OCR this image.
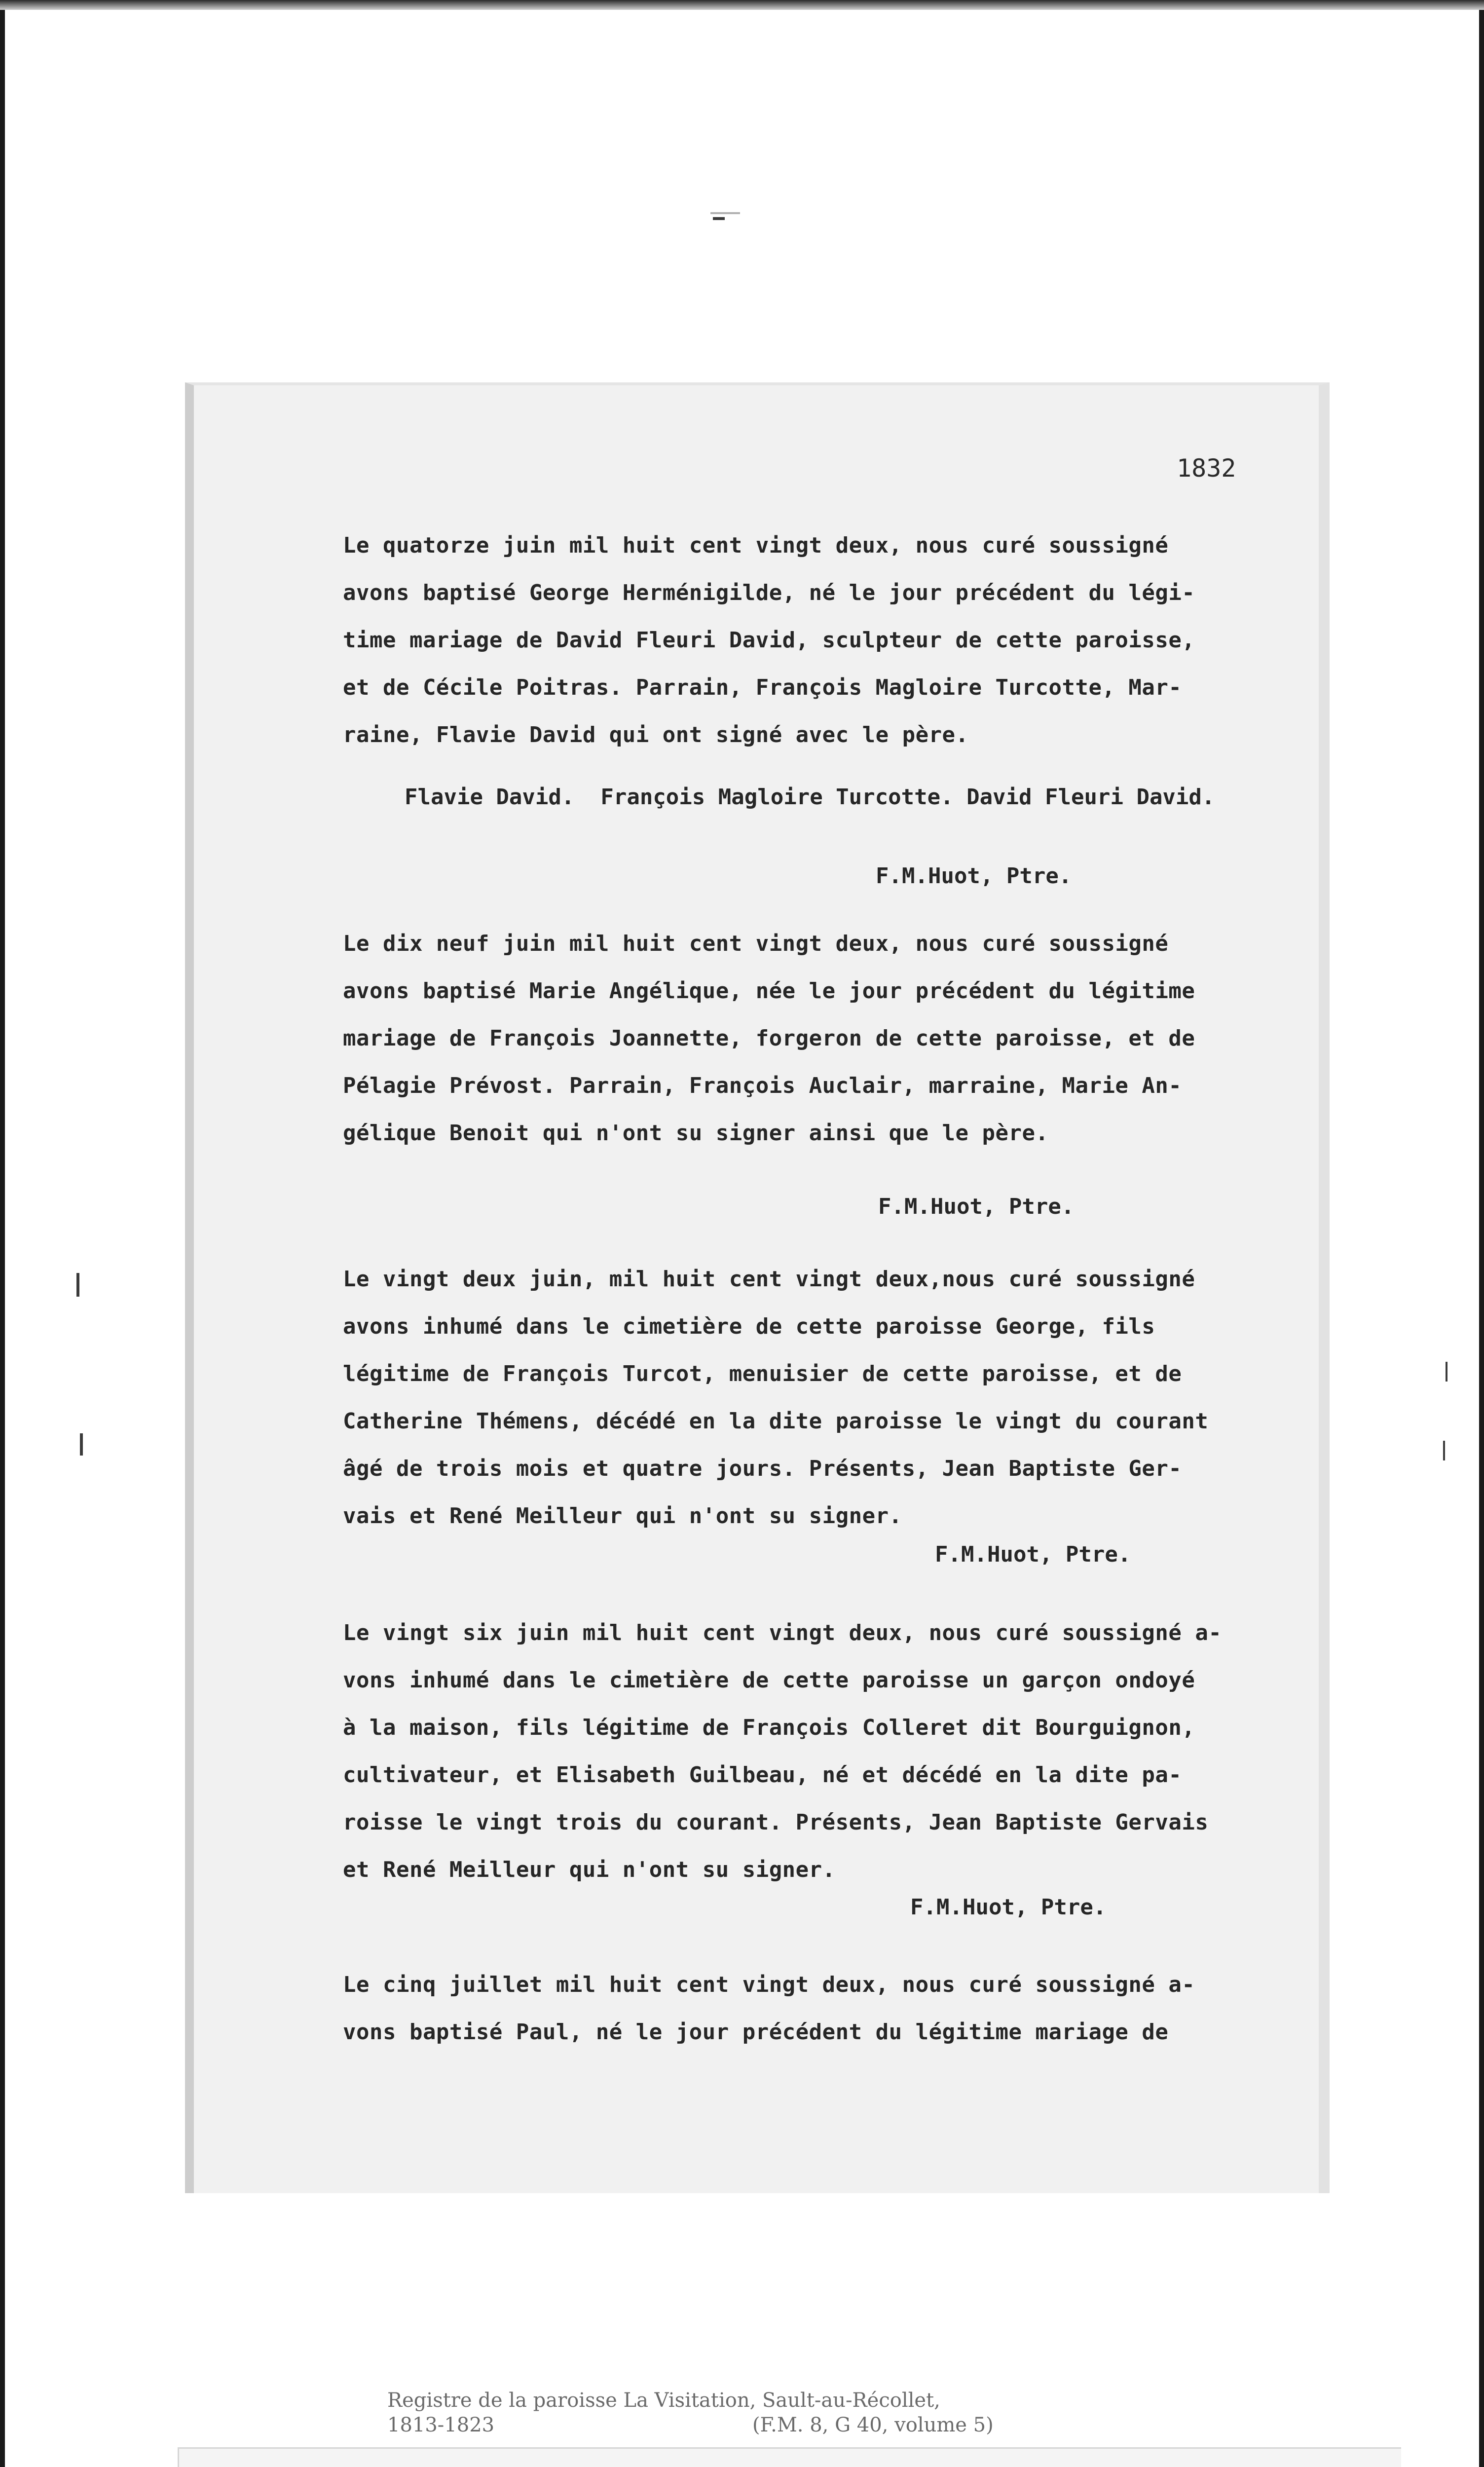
1832

Le quatorze juin mil huit cent vingt deux, nous curé soussigné
avons baptisé George Herménigilde, né le jour précédent du légi-
time mariage de David Fleuri David, sculpteur de cette paroisse,
et de Cécile Poitras. Parrain, François Magloire Turcotte, Mar-
raine, Flavie David qui ont signé avec le père.

Flavie David.  François Magloire Turcotte. David Fleuri David.
F.M.Huot, Ptre.

Le dix neuf juin mil huit cent vingt deux, nous curé soussigné
avons baptisé Marie Angélique, née le jour précédent du légitime
mariage de François Joannette, forgeron de cette paroisse, et de
Pélagie Prévost. Parrain, François Auclair, marraine, Marie An-
gélique Benoit qui n'ont su signer ainsi que le père.

F.M.Huot, Ptre.

Le vingt deux juin, mil huit cent vingt deux,nous curé soussigné
avons inhumé dans le cimetière de cette paroisse George, fils
légitime de François Turcot, menuisier de cette paroisse, et de
Catherine Thémens, décédé en la dite paroisse le vingt du courant
âgé de trois mois et quatre jours. Présents, Jean Baptiste Ger-
vais et René Meilleur qui n'ont su signer.

F.M.Huot, Ptre.

Le vingt six juin mil huit cent vingt deux, nous curé soussigné a-
vons inhumé dans le cimetière de cette paroisse un garçon ondoyé
à la maison, fils légitime de François Colleret dit Bourguignon,
cultivateur, et Elisabeth Guilbeau, né et décédé en la dite pa-
roisse le vingt trois du courant. Présents, Jean Baptiste Gervais
et René Meilleur qui n'ont su signer.

F.M.Huot, Ptre.

Le cinq juillet mil huit cent vingt deux, nous curé soussigné a-
vons baptisé Paul, né le jour précédent du légitime mariage de

Registre de la paroisse La Visitation, Sault-au-Récollet,
1813-1823	(F.M. 8, G 40, volume 5)
